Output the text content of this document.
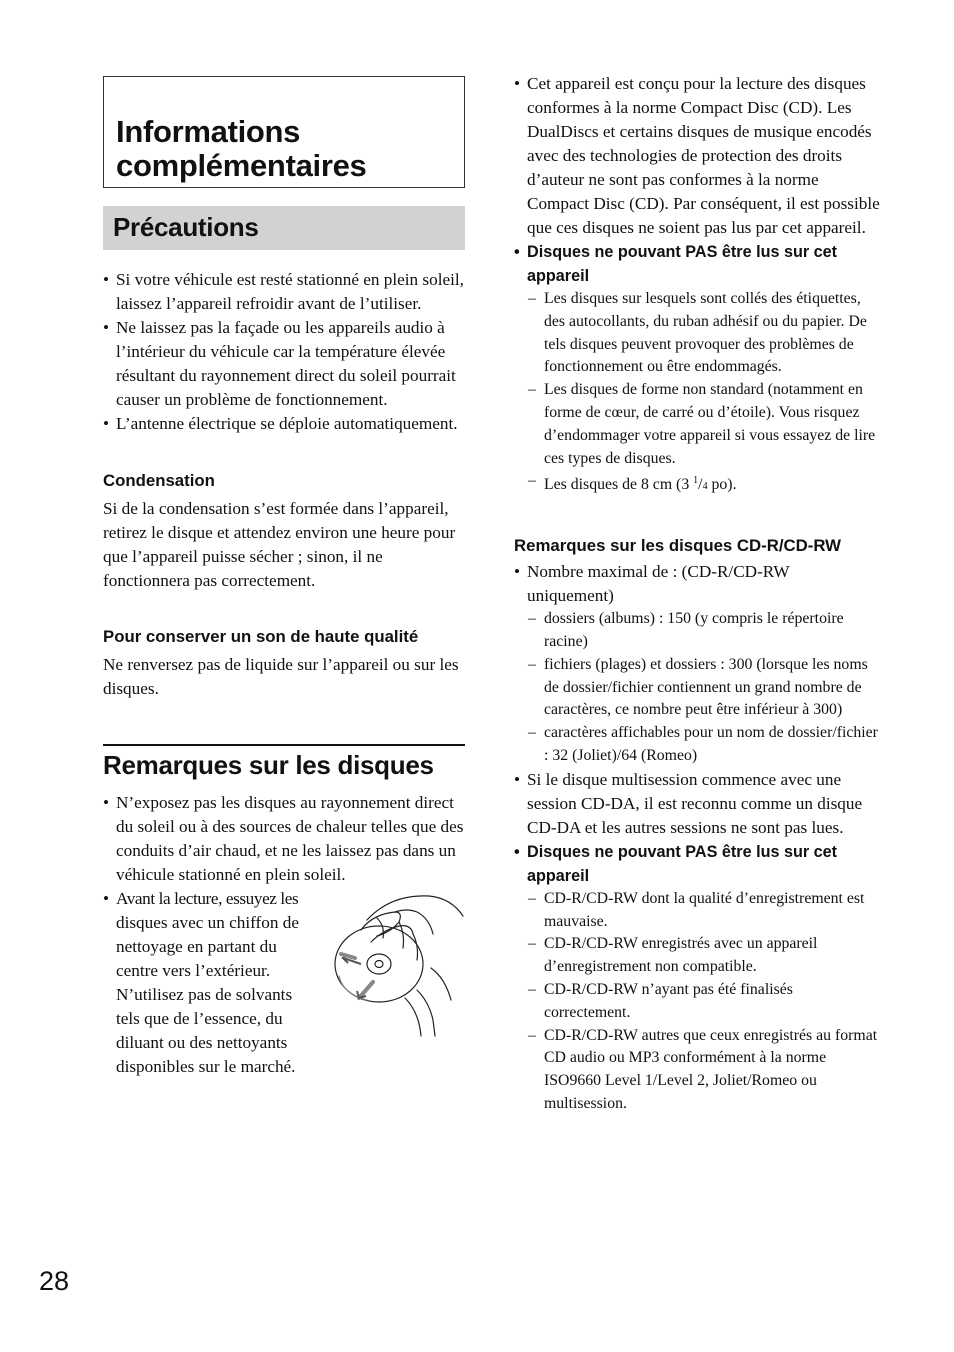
Informations complémentaires
Précautions
• Si votre véhicule est resté stationné en plein soleil, laissez l’appareil refroidir avant de l’utiliser.
• Ne laissez pas la façade ou les appareils audio à l’intérieur du véhicule car la température élevée résultant du rayonnement direct du soleil pourrait causer un problème de fonctionnement.
• L’antenne électrique se déploie automatiquement.
Condensation

Si de la condensation s’est formée dans l’appareil, retirez le disque et attendez environ une heure pour que l’appareil puisse sécher ; sinon, il ne fonctionnera pas correctement.

Pour conserver un son de haute qualité

Ne renversez pas de liquide sur l’appareil ou sur les disques.

Remarques sur les disques
• N’exposez pas les disques au rayonnement direct du soleil ou à des sources de chaleur telles que des conduits d’air chaud, et ne les laissez pas dans un véhicule stationné en plein soleil.
• Avant la lecture, essuyez les
disques avec un chiffon de
nettoyage en partant du
centre vers l’extérieur.
N’utilisez pas de solvants
tels que de l’essence, du
diluant ou des nettoyants
disponibles sur le marché.
• Cet appareil est conçu pour la lecture des disques conformes à la norme Compact Disc (CD). Les DualDiscs et certains disques de musique encodés avec des technologies de protection des droits d’auteur ne sont pas conformes à la norme Compact Disc (CD). Par conséquent, il est possible que ces disques ne soient pas lus par cet appareil.
• Disques ne pouvant PAS être lus sur cet appareil
– Les disques sur lesquels sont collés des étiquettes, des autocollants, du ruban adhésif ou du papier. De tels disques peuvent provoquer des problèmes de fonctionnement ou être endommagés.
– Les disques de forme non standard (notamment en forme de cœur, de carré ou d’étoile). Vous risquez d’endommager votre appareil si vous essayez de lire ces types de disques.
– Les disques de 8 cm (3 $^1$/4 po).
Remarques sur les disques CD-R/CD-RW
• Nombre maximal de : (CD-R/CD-RW uniquement)
– dossiers (albums) : 150 (y compris le répertoire racine)
– fichiers (plages) et dossiers : 300 (lorsque les noms de dossier/fichier contiennent un grand nombre de caractères, ce nombre peut être inférieur à 300)
– caractères affichables pour un nom de dossier/fichier : 32 (Joliet)/64 (Romeo)
• Si le disque multisession commence avec une session CD-DA, il est reconnu comme un disque CD-DA et les autres sessions ne sont pas lues.
• Disques ne pouvant PAS être lus sur cet appareil
– CD-R/CD-RW dont la qualité d’enregistrement est mauvaise.
– CD-R/CD-RW enregistrés avec un appareil d’enregistrement non compatible.
– CD-R/CD-RW n’ayant pas été finalisés correctement.
– CD-R/CD-RW autres que ceux enregistrés au format CD audio ou MP3 conformément à la norme ISO9660 Level 1/Level 2, Joliet/Romeo ou multisession.
28
